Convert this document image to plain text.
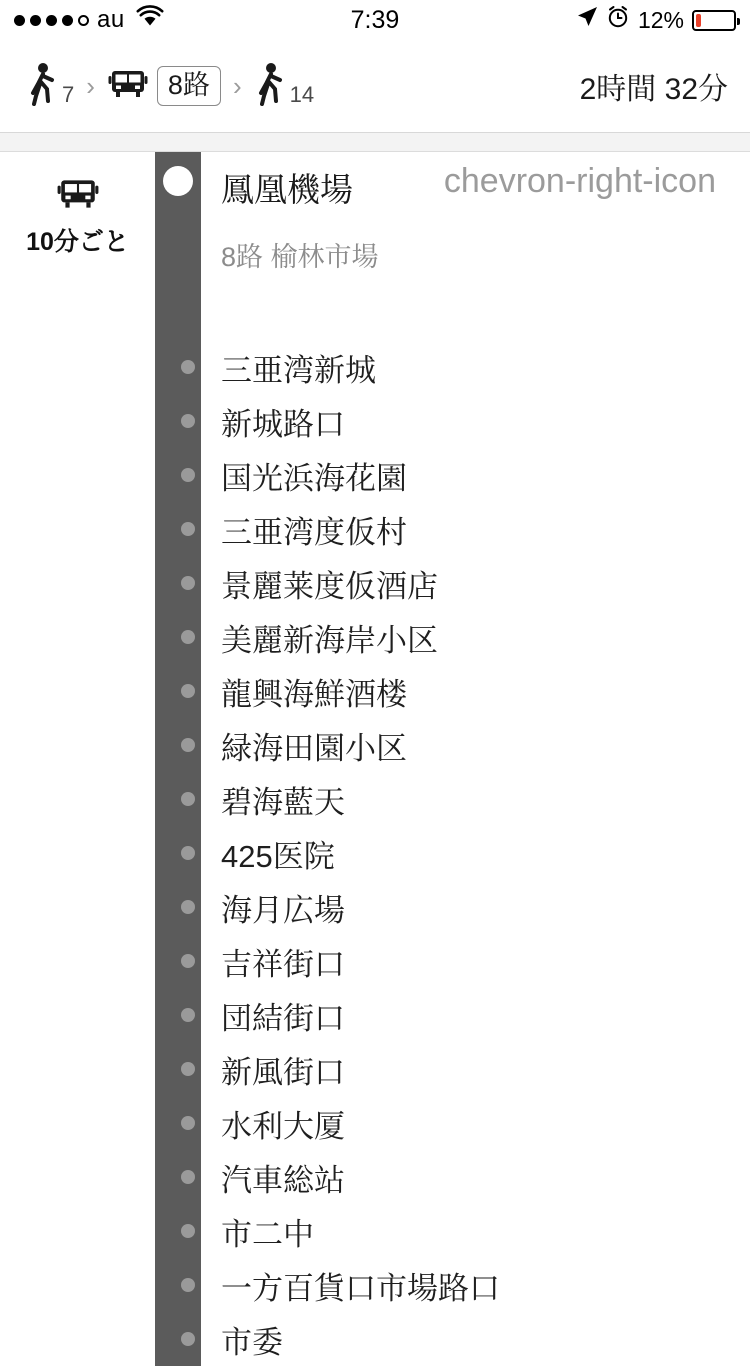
au	7:39	12%
7 ›	8路 › 14	2時間 32分
10分ごと
鳳凰機場
8路 榆林市場
chevron-right-icon
三亜湾新城
新城路口
国光浜海花園
三亜湾度仮村
景麗莱度仮酒店
美麗新海岸小区
龍興海鮮酒楼
緑海田園小区
碧海藍天
425医院
海月広場
吉祥街口
団結街口
新風街口
水利大厦
汽車総站
市二中
一方百貨口市場路口
市委
